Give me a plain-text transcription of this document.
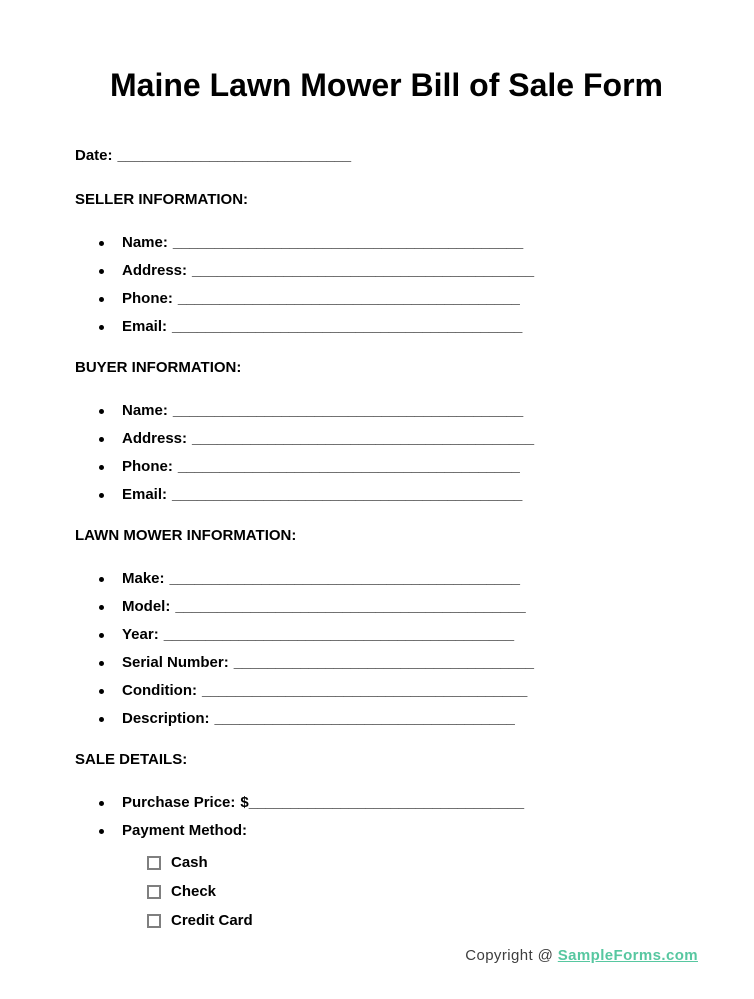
Maine Lawn Mower Bill of Sale Form

Date: ____________________________

SELLER INFORMATION:
Name: __________________________________________
Address: _________________________________________
Phone: _________________________________________
Email: __________________________________________
BUYER INFORMATION:
Name: __________________________________________
Address: _________________________________________
Phone: _________________________________________
Email: __________________________________________
LAWN MOWER INFORMATION:
Make: __________________________________________
Model: __________________________________________
Year: __________________________________________
Serial Number: ____________________________________
Condition: _______________________________________
Description: ____________________________________
SALE DETAILS:
Purchase Price: $_________________________________
Payment Method:
Cash
Check
Credit Card
Copyright @ SampleForms.com
